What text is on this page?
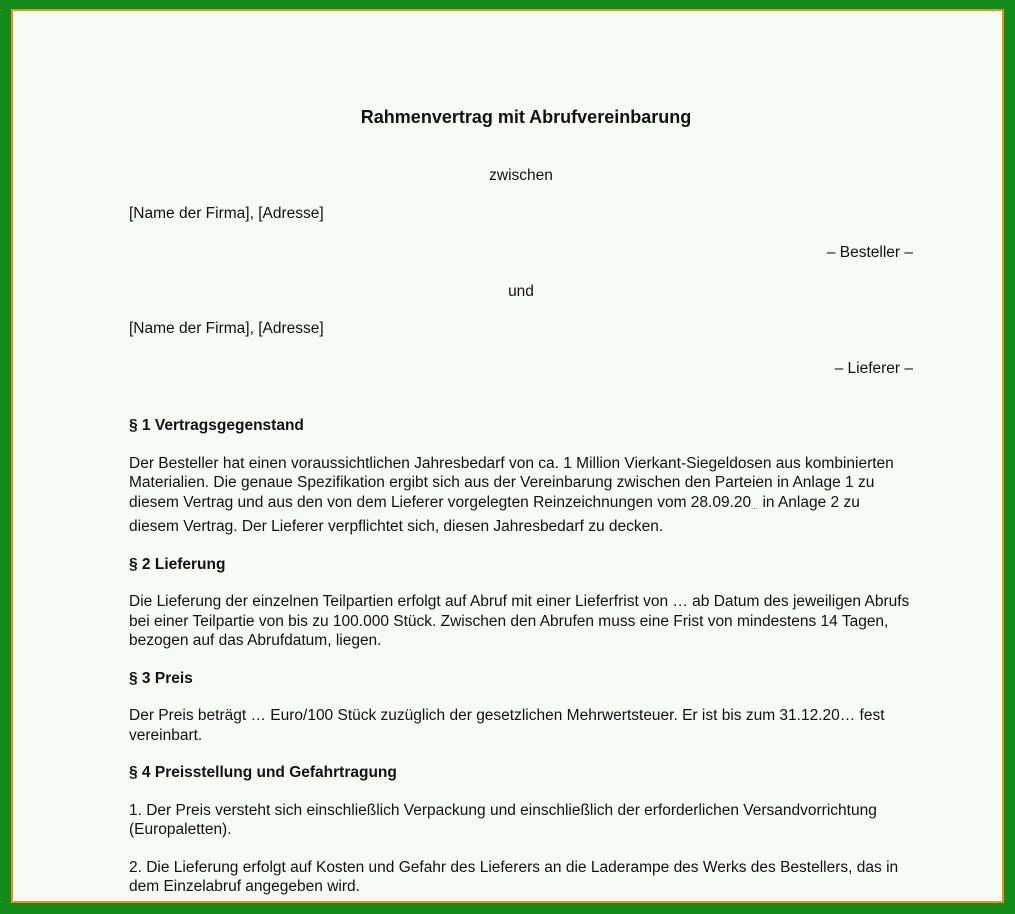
Rahmenvertrag mit Abrufvereinbarung

zwischen

[Name der Firma], [Adresse]

– Besteller –

und

[Name der Firma], [Adresse]

– Lieferer –

§ 1 Vertragsgegenstand

Der Besteller hat einen voraussichtlichen Jahresbedarf von ca. 1 Million Vierkant-Siegeldosen aus kombinierten Materialien. Die genaue Spezifikation ergibt sich aus der Vereinbarung zwischen den Parteien in Anlage 1 zu diesem Vertrag und aus den von dem Lieferer vorgelegten Reinzeichnungen vom $28.09.20_\dots$ in Anlage 2 zu diesem Vertrag. Der Lieferer verpflichtet sich, diesen Jahresbedarf zu decken.

§ 2 Lieferung

Die Lieferung der einzelnen Teilpartien erfolgt auf Abruf mit einer Lieferfrist von … ab Datum des jeweiligen Abrufs bei einer Teilpartie von bis zu 100.000 Stück. Zwischen den Abrufen muss eine Frist von mindestens 14 Tagen, bezogen auf das Abrufdatum, liegen.

§ 3 Preis

Der Preis beträgt … Euro/100 Stück zuzüglich der gesetzlichen Mehrwertsteuer. Er ist bis zum 31.12.20… fest vereinbart.

§ 4 Preisstellung und Gefahrtragung

1. Der Preis versteht sich einschließlich Verpackung und einschließlich der erforderlichen Versandvorrichtung (Europaletten).

2. Die Lieferung erfolgt auf Kosten und Gefahr des Lieferers an die Laderampe des Werks des Bestellers, das in dem Einzelabruf angegeben wird.
